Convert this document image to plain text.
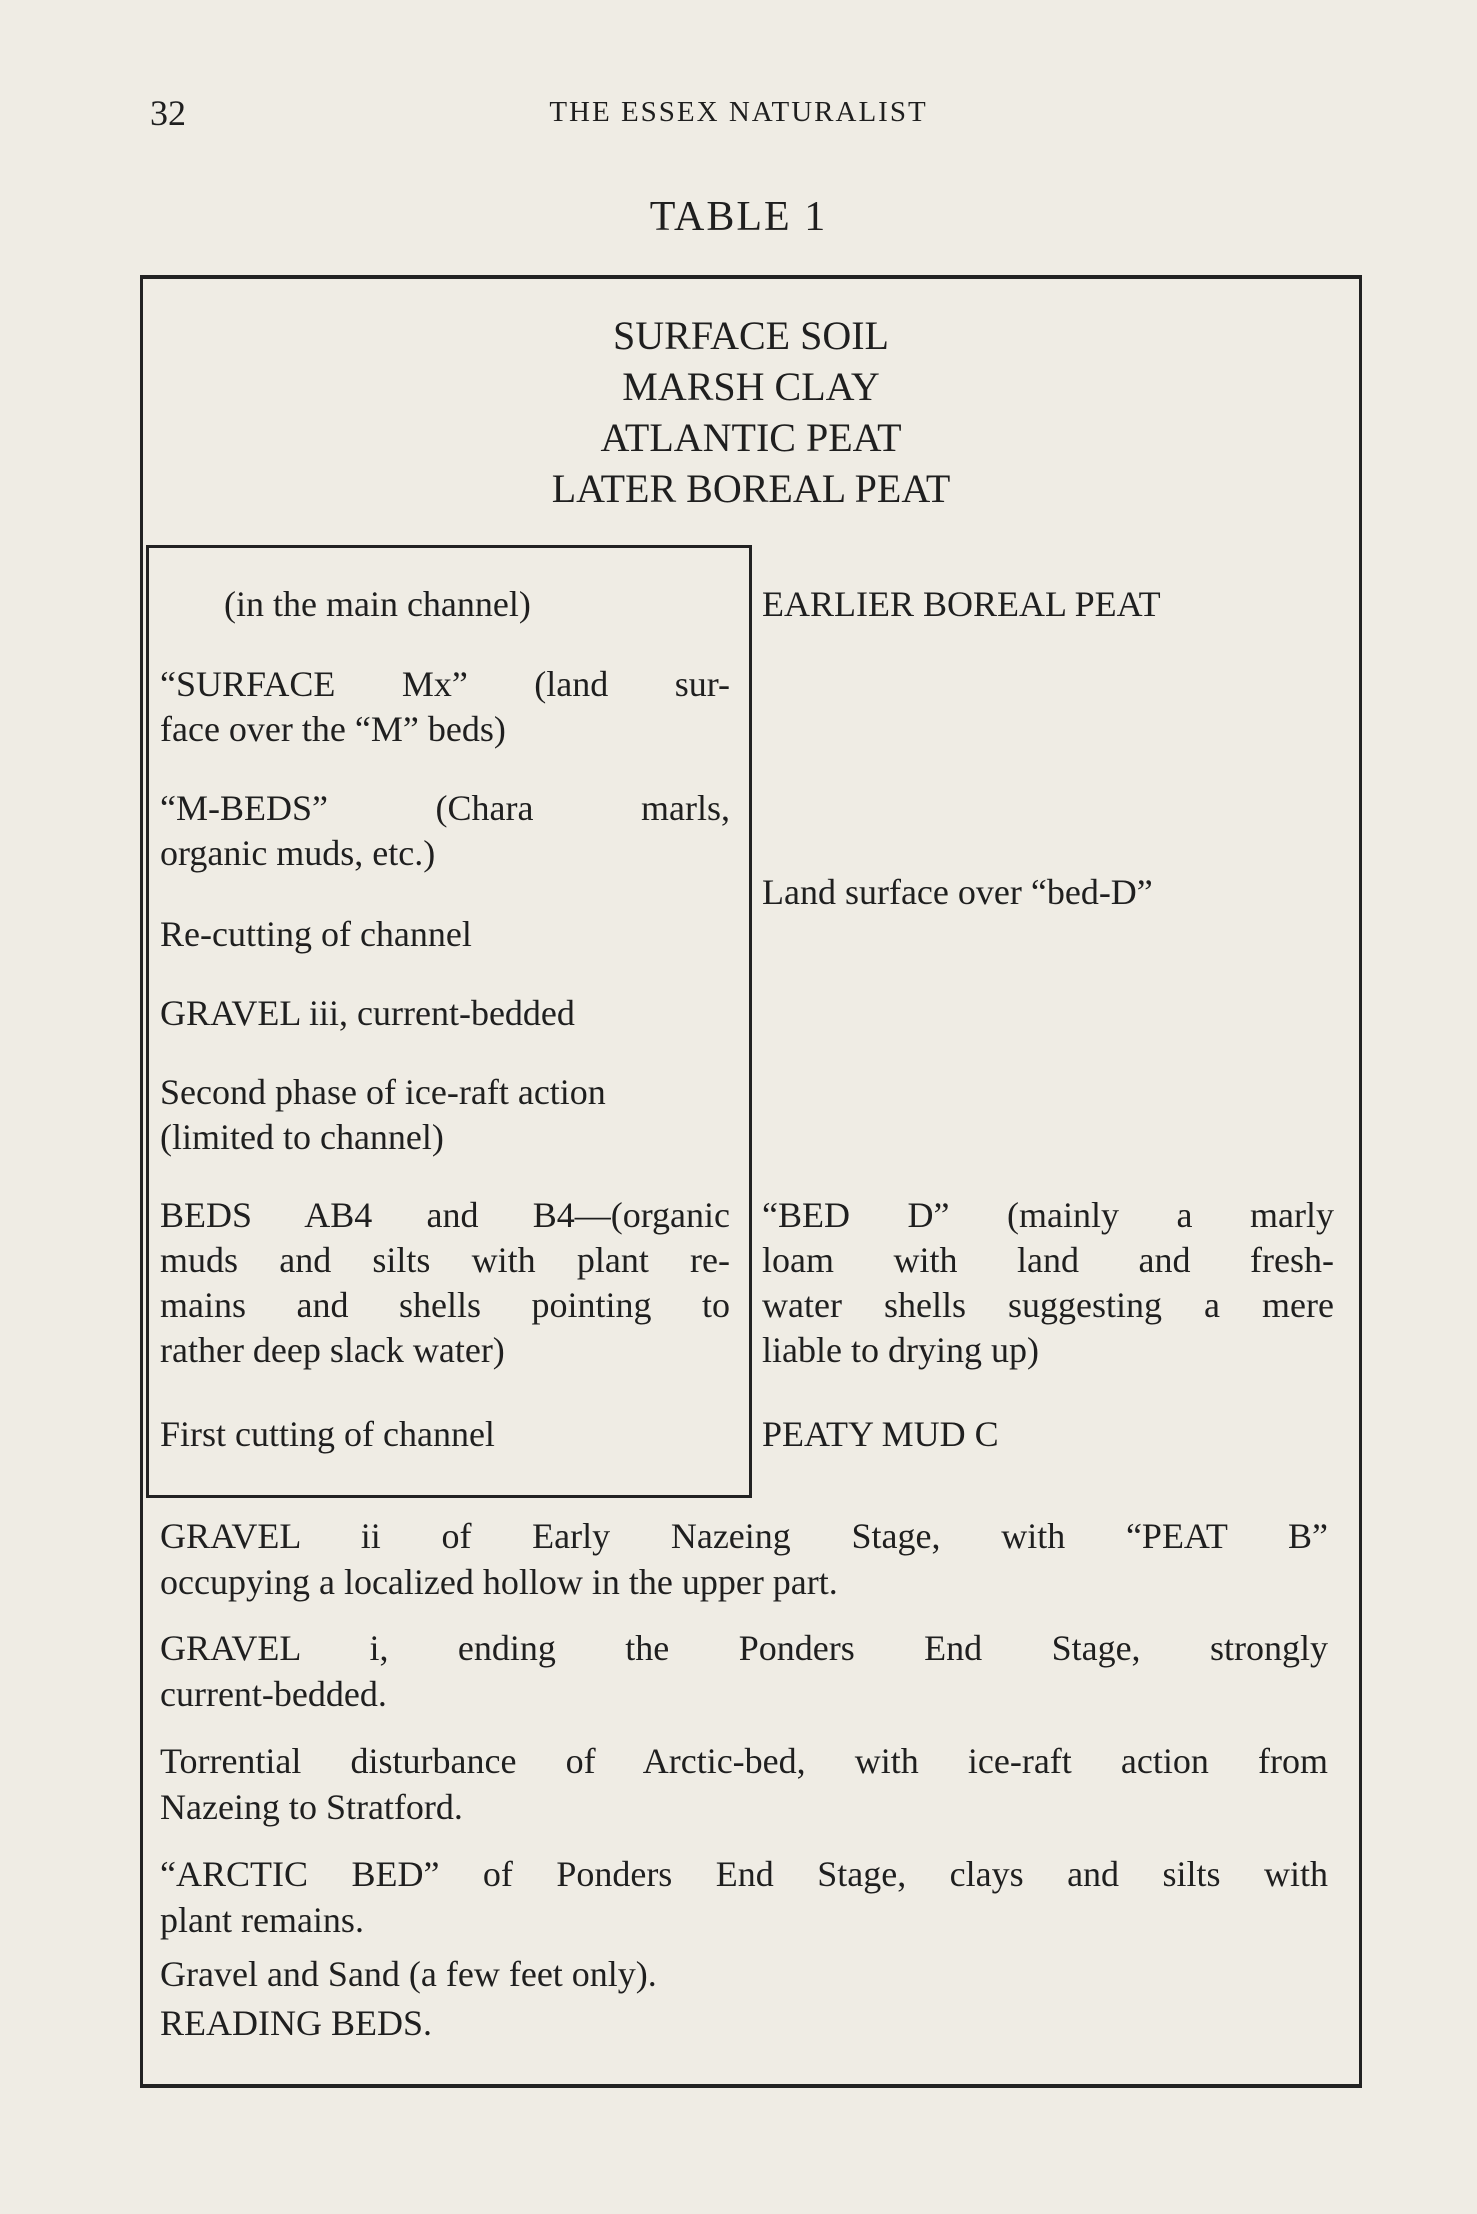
32	THE ESSEX NATURALIST
TABLE 1
SURFACE SOIL
MARSH CLAY
ATLANTIC PEAT
LATER BOREAL PEAT
(in the main channel)
“SURFACE Mx” (land sur-
face over the “M” beds)
“M-BEDS” (Chara marls,
organic muds, etc.)
Re-cutting of channel
GRAVEL iii, current-bedded
Second phase of ice-raft action
(limited to channel)
BEDS AB4 and B4—(organic
muds and silts with plant re-
mains and shells pointing to
rather deep slack water)
First cutting of channel
EARLIER BOREAL PEAT
Land surface over “bed-D”
“BED D” (mainly a marly
loam with land and fresh-
water shells suggesting a mere
liable to drying up)
PEATY MUD C
GRAVEL ii of Early Nazeing Stage, with “PEAT B”
occupying a localized hollow in the upper part.
GRAVEL i, ending the Ponders End Stage, strongly
current-bedded.
Torrential disturbance of Arctic-bed, with ice-raft action from
Nazeing to Stratford.
“ARCTIC BED” of Ponders End Stage, clays and silts with
plant remains.
Gravel and Sand (a few feet only).
READING BEDS.
